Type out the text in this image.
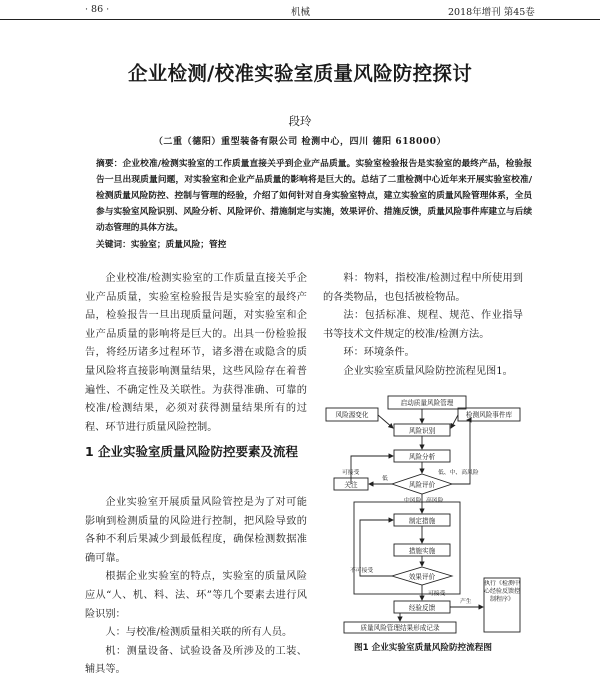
· 86 ·	机械	2018年增刊 第45卷
企业检测/校准实验室质量风险防控探讨
段玲
（二重（德阳）重型装备有限公司 检测中心，四川 德阳 618000）
摘要：企业校准/检测实验室的工作质量直接关乎到企业产品质量。实验室检验报告是实验室的最终产品，检验报告一旦出现质量问题，对实验室和企业产品质量的影响将是巨大的。总结了二重检测中心近年来开展实验室校准/检测质量风险防控、控制与管理的经验，介绍了如何针对自身实验室特点，建立实验室的质量风险管理体系，全员参与实验室风险识别、风险分析、风险评价、措施制定与实施，效果评价、措施反馈，质量风险事件库建立与后续动态管理的具体方法。
关键词：实验室；质量风险；管控

企业校准/检测实验室的工作质量直接关乎企业产品质量，实验室检验报告是实验室的最终产品，检验报告一旦出现质量问题，对实验室和企业产品质量的影响将是巨大的。出具一份检验报告，将经历诸多过程环节，诸多潜在或隐含的质量风险将直接影响测量结果，这些风险存在着普遍性、不确定性及关联性。为获得准确、可靠的校准/检测结果，必须对获得测量结果所有的过程、环节进行质量风险控制。

1 企业实验室质量风险防控要素及流程

企业实验室开展质量风险管控是为了对可能影响到检测质量的风险进行控制，把风险导致的各种不利后果减少到最低程度，确保检测数据准确可靠。

根据企业实验室的特点，实验室的质量风险应从“人、机、料、法、环”等几个要素去进行风险识别：

人：与校准/检测质量相关联的所有人员。

机：测量设备、试验设备及所涉及的工装、辅具等。

料：物料，指校准/检测过程中所使用到的各类物品，也包括被检物品。

法：包括标准、规程、规范、作业指导书等技术文件规定的校准/检测方法。

环：环境条件。

企业实验室质量风险防控流程见图1。

启动质量风险管理
风险源变化	检测风险事件库
风险识别
风险分析
风险评价
关注
制定措施
措施实施
效果评价
经验反馈
质量风险管理结果形成记录
执行《检测中心经验反馈控制程序》
可接受
低
低、中、高风险
中风险 高风险
不可接受
可接受
产生
图1 企业实验室质量风险防控流程图
